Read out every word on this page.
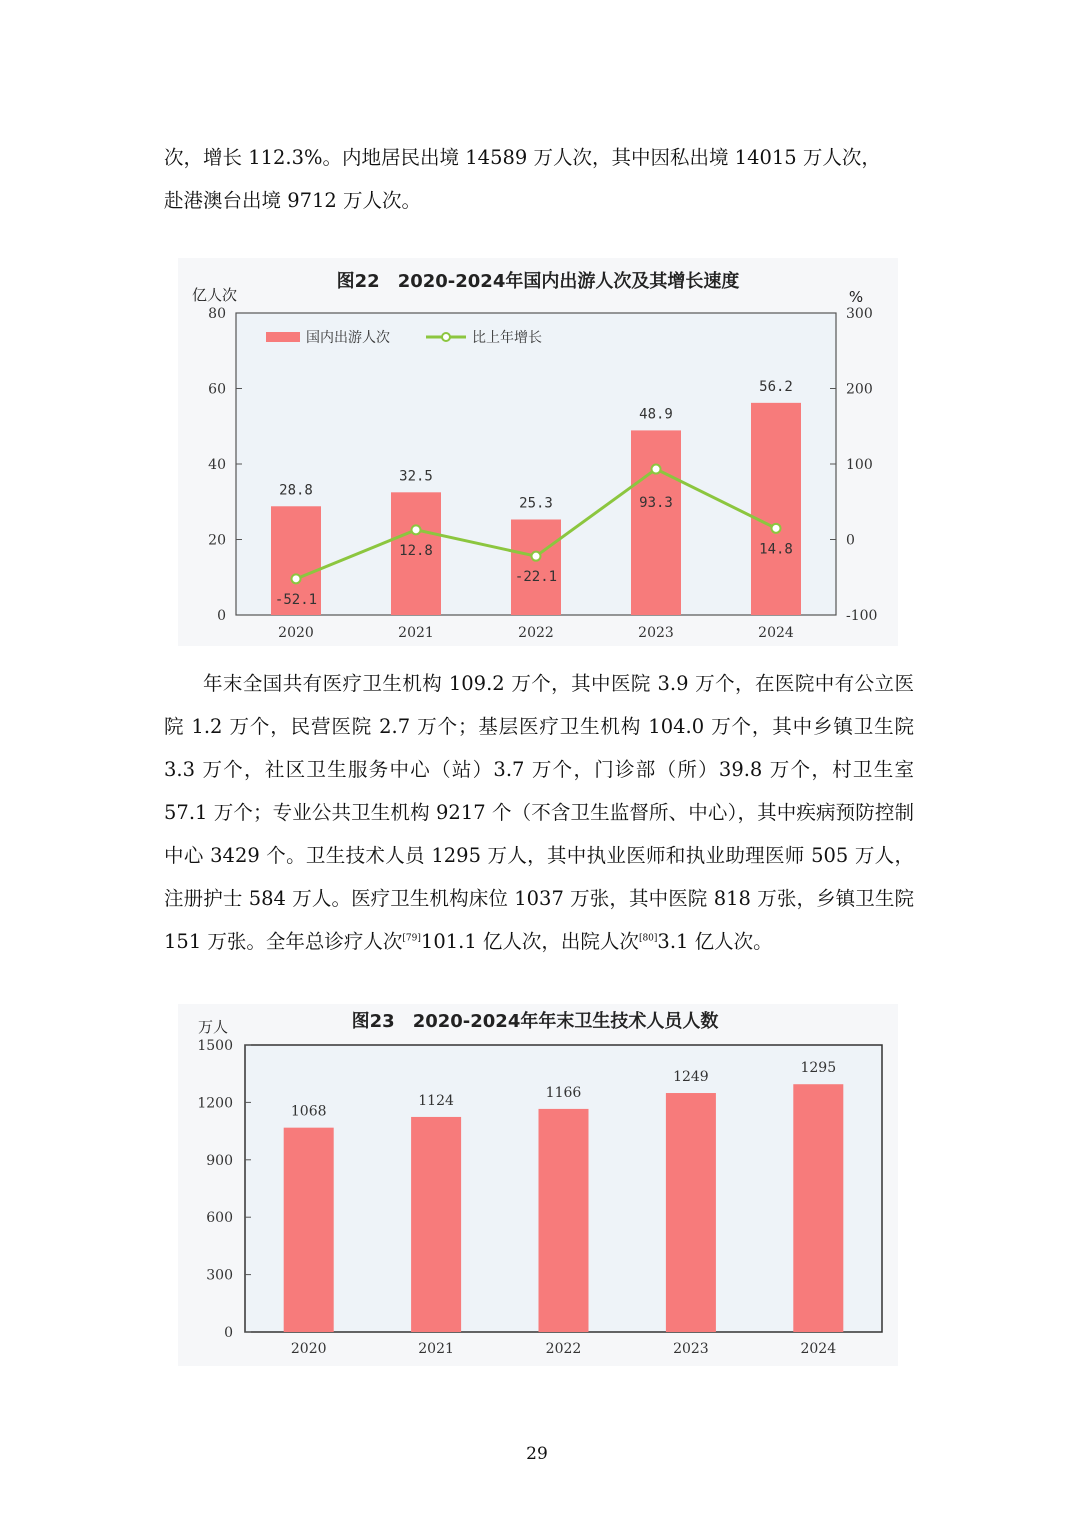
次，增长 112.3%。内地居民出境 14589 万人次，其中因私出境 14015 万人次，
赴港澳台出境 9712 万人次。

图22　2020-2024年国内出游人次及其增长速度
亿人次	%
0
20
40
60
80
-100
0
100
200
300
28.8
32.5
25.3
48.9
56.2
-52.1
12.8
-22.1
93.3
14.8
2020	2021	2022	2023	2024
国内出游人次	比上年增长

年末全国共有医疗卫生机构 109.2 万个，其中医院 3.9 万个，在医院中有公立医院 1.2 万个，民营医院 2.7 万个；基层医疗卫生机构 104.0 万个，其中乡镇卫生院 3.3 万个，社区卫生服务中心（站）3.7 万个，门诊部（所）39.8 万个，村卫生室 57.1 万个；专业公共卫生机构 9217 个（不含卫生监督所、中心），其中疾病预防控制中心 3429 个。卫生技术人员 1295 万人，其中执业医师和执业助理医师 505 万人，注册护士 584 万人。医疗卫生机构床位 1037 万张，其中医院 818 万张，乡镇卫生院 151 万张。全年总诊疗人次[79]101.1 亿人次，出院人次[80]3.1 亿人次。

图23　2020-2024年年末卫生技术人员人数
万人
0
300
600
900
1200
1500
1068
1124
1166
1249
1295
2020	2021	2022	2023	2024
29
